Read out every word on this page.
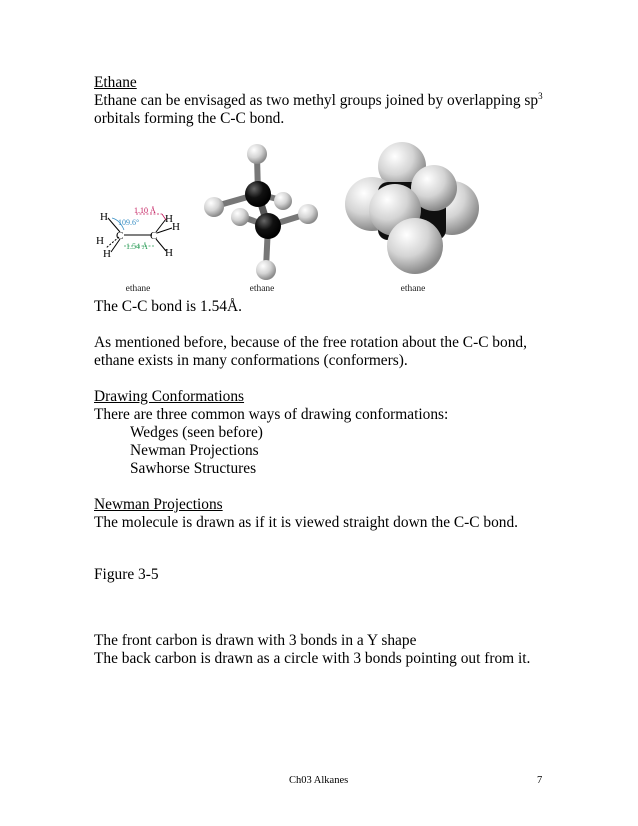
Ethane

Ethane can be envisaged as two methyl groups joined by overlapping $sp^3$

orbitals forming the C-C bond.

1.10 Å
109.6°
1.54 Å
C C
H
H
H
H
H
H
ethane	ethane	ethane

The C-C bond is 1.54Å.

As mentioned before, because of the free rotation about the C-C bond,

ethane exists in many conformations (conformers).

Drawing Conformations

There are three common ways of drawing conformations:

Wedges (seen before)

Newman Projections

Sawhorse Structures

Newman Projections

The molecule is drawn as if it is viewed straight down the C-C bond.

Figure 3-5

The front carbon is drawn with 3 bonds in a Y shape

The back carbon is drawn as a circle with 3 bonds pointing out from it.

Ch03 Alkanes	7
